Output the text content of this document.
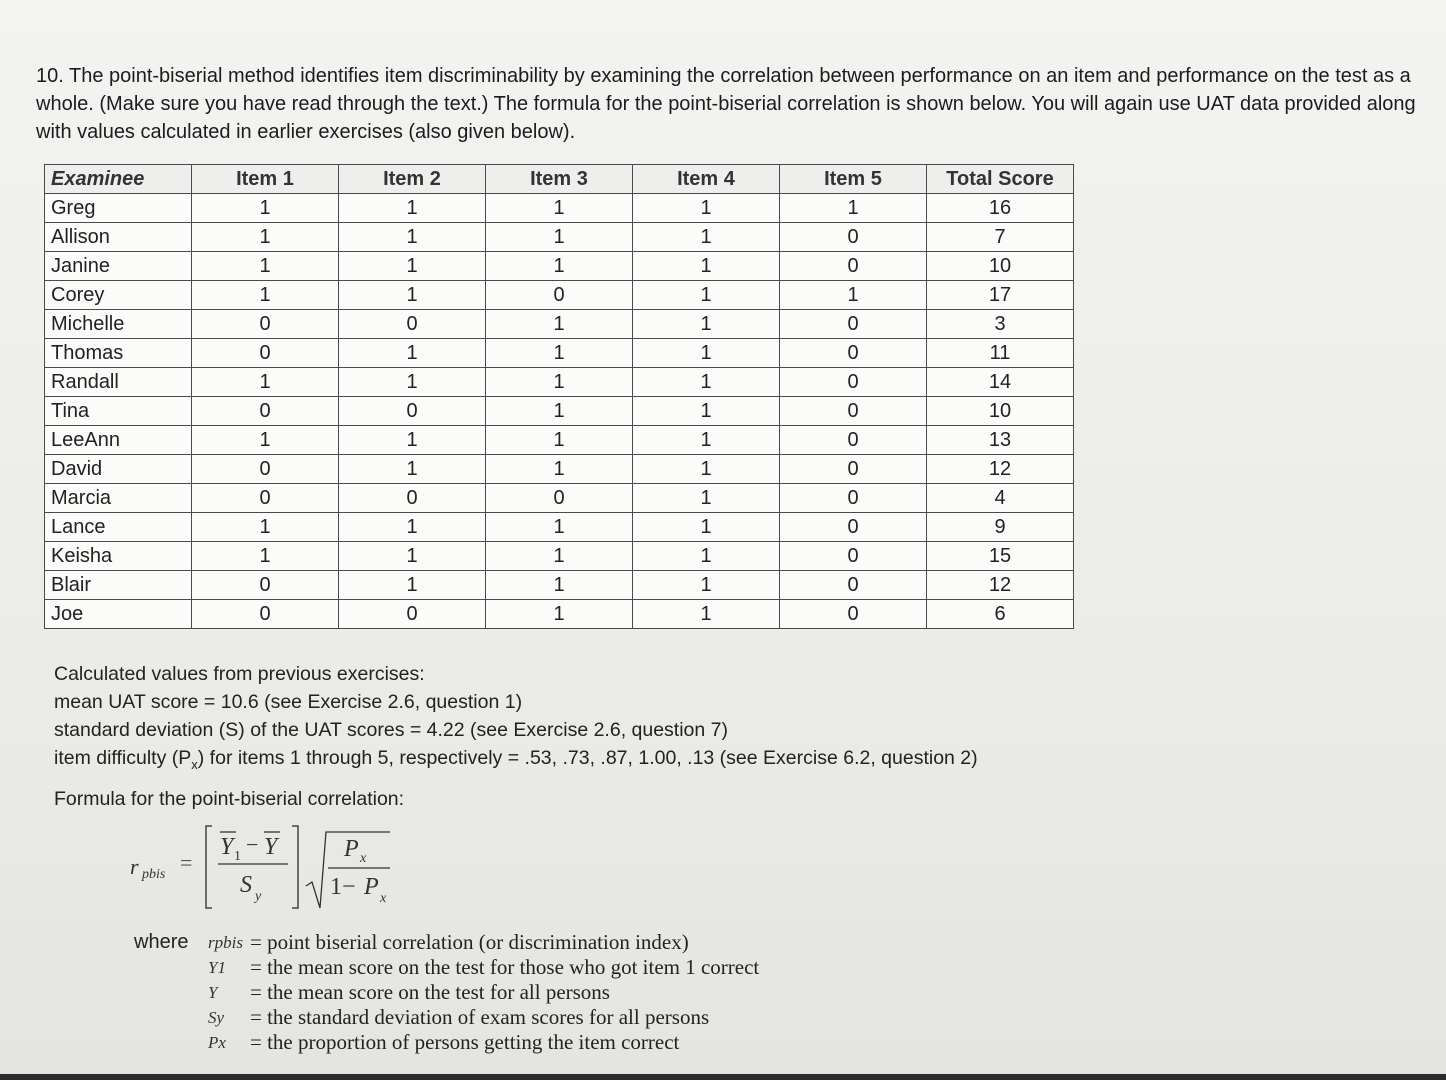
10. The point-biserial method identifies item discriminability by examining the correlation between performance on an item and performance on the test as a whole. (Make sure you have read through the text.) The formula for the point-biserial correlation is shown below. You will again use UAT data provided along with values calculated in earlier exercises (also given below).
Examinee	Item 1	Item 2	Item 3	Item 4	Item 5	Total Score
Greg	1	1	1	1	1	16
Allison	1	1	1	1	0	7
Janine	1	1	1	1	0	10
Corey	1	1	0	1	1	17
Michelle	0	0	1	1	0	3
Thomas	0	1	1	1	0	11
Randall	1	1	1	1	0	14
Tina	0	0	1	1	0	10
LeeAnn	1	1	1	1	0	13
David	0	1	1	1	0	12
Marcia	0	0	0	1	0	4
Lance	1	1	1	1	0	9
Keisha	1	1	1	1	0	15
Blair	0	1	1	1	0	12
Joe	0	0	1	1	0	6
Calculated values from previous exercises:
mean UAT score = 10.6 (see Exercise 2.6, question 1)
standard deviation (S) of the UAT scores = 4.22 (see Exercise 2.6, question 7)
item difficulty $(P_x)$ for items 1 through 5, respectively = .53, .73, .87, 1.00, .13 (see Exercise 6.2, question 2)
Formula for the point-biserial correlation:
r pbis =
Y 1 − Y
S y
P x
1− P x
where	rpbis = point biserial correlation (or discrimination index)
Y1	= the mean score on the test for those who got item 1 correct
Y	= the mean score on the test for all persons
Sy	= the standard deviation of exam scores for all persons
Px	= the proportion of persons getting the item correct
